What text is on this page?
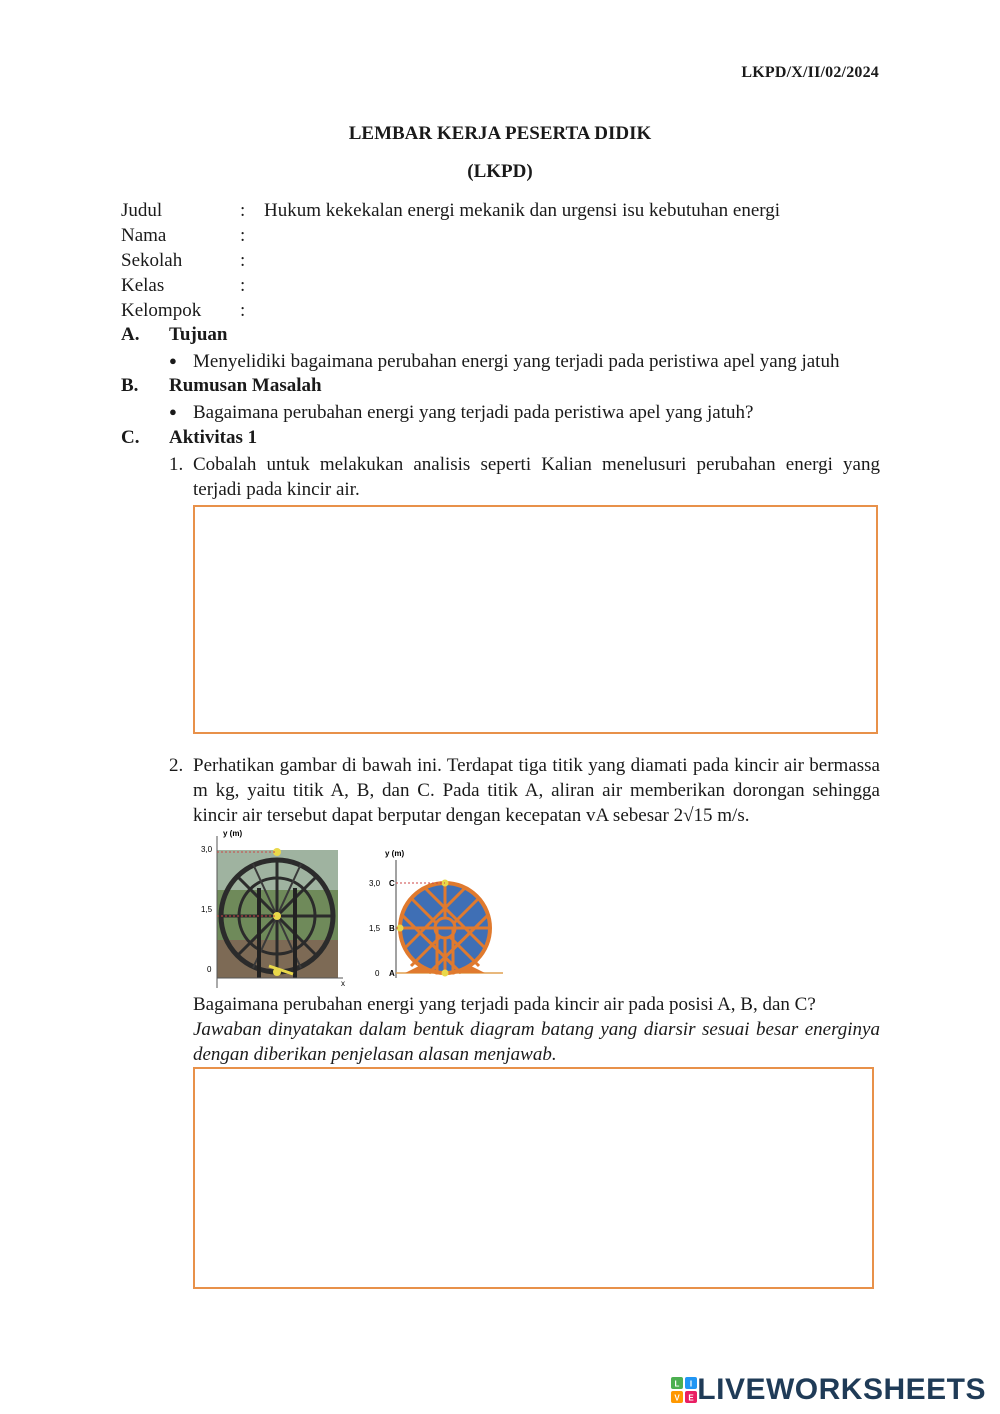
LKPD/X/II/02/2024
LEMBAR KERJA PESERTA DIDIK
(LKPD)
Judul	: Hukum kekekalan energi mekanik dan urgensi isu kebutuhan energi
Nama	:
Sekolah	:
Kelas	:
Kelompok :
A. Tujuan
● Menyelidiki bagaimana perubahan energi yang terjadi pada peristiwa apel yang jatuh
B. Rumusan Masalah
● Bagaimana perubahan energi yang terjadi pada peristiwa apel yang jatuh?
C. Aktivitas 1
1. Cobalah untuk melakukan analisis seperti Kalian menelusuri perubahan energi yang terjadi pada kincir air.
2. Perhatikan gambar di bawah ini. Terdapat tiga titik yang diamati pada kincir air bermassa m kg, yaitu titik A, B, dan C. Pada titik A, aliran air memberikan dorongan sehingga kincir air tersebut dapat berputar dengan kecepatan vA sebesar 2√15 m/s.
y (m)
3,0
1,5
0
x
y (m)
3,0 C
1,5 B
0 A
Bagaimana perubahan energi yang terjadi pada kincir air pada posisi A, B, dan C?
Jawaban dinyatakan dalam bentuk diagram batang yang diarsir sesuai besar energinya dengan diberikan penjelasan alasan menjawab.
L I
V E LIVEWORKSHEETS
